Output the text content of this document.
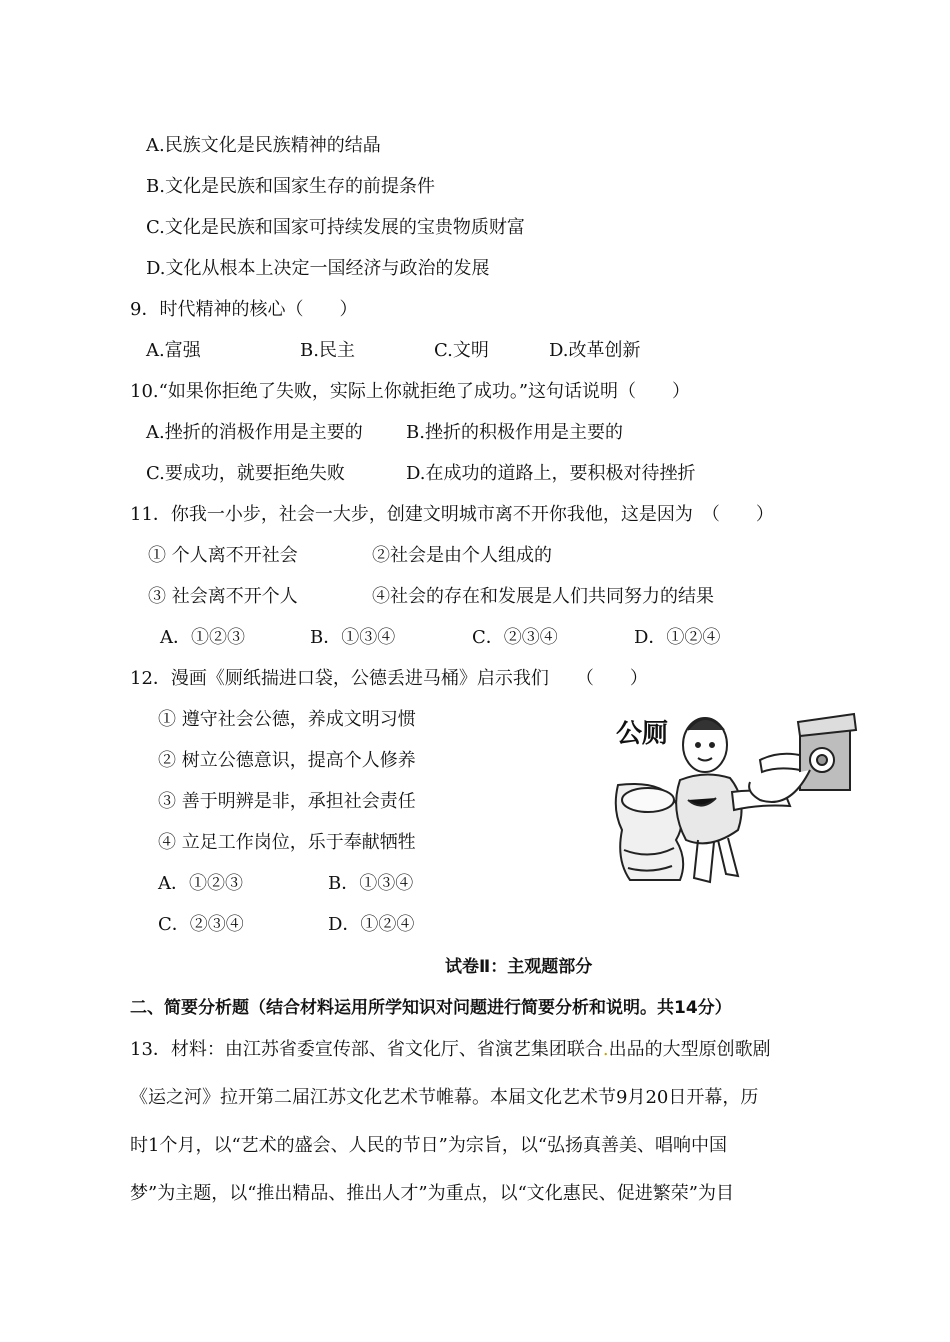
A.民族文化是民族精神的结晶
B.文化是民族和国家生存的前提条件
C.文化是民族和国家可持续发展的宝贵物质财富
D.文化从根本上决定一国经济与政治的发展
9．时代精神的核心（　　）
A.富强	B.民主	C.文明	D.改革创新
10.“如果你拒绝了失败，实际上你就拒绝了成功。”这句话说明（　　）
A.挫折的消极作用是主要的 B.挫折的积极作用是主要的
C.要成功，就要拒绝失败	D.在成功的道路上，要积极对待挫折
11．你我一小步，社会一大步，创建文明城市离不开你我他，这是因为　（　　）
① 个人离不开社会	②社会是由个人组成的
③ 社会离不开个人	④社会的存在和发展是人们共同努力的结果
A．①②③	B．①③④	C．②③④	D．①②④
12．漫画《厕纸揣进口袋，公德丢进马桶》启示我们　　（　　）
① 遵守社会公德，养成文明习惯
② 树立公德意识，提高个人修养
③ 善于明辨是非，承担社会责任
④ 立足工作岗位，乐于奉献牺牲
A．①②③	B．①③④
C．②③④	D．①②④
公厕
试卷Ⅱ：主观题部分
二、简要分析题（结合材料运用所学知识对问题进行简要分析和说明。共14分）
13．材料：由江苏省委宣传部、省文化厅、省演艺集团联合.出品的大型原创歌剧
《运之河》拉开第二届江苏文化艺术节帷幕。本届文化艺术节9月20日开幕，历
时1个月，以“艺术的盛会、人民的节日”为宗旨，以“弘扬真善美、唱响中国
梦”为主题，以“推出精品、推出人才”为重点，以“文化惠民、促进繁荣”为目
